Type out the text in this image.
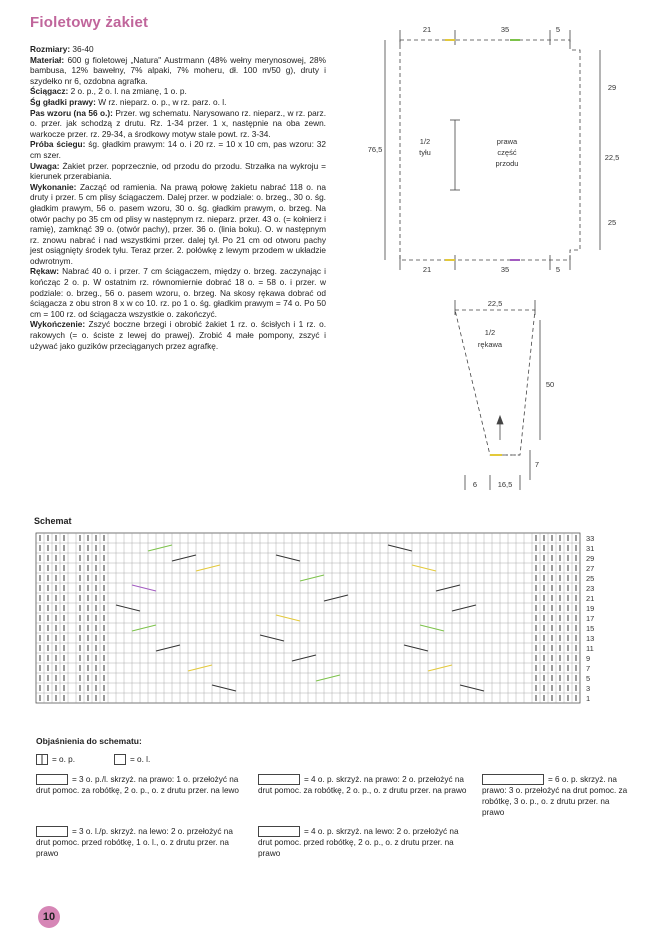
Fioletowy żakiet

Rozmiary: 36-40

Materiał: 600 g fioletowej „Natura" Austrmann (48% wełny merynosowej, 28% bambusa, 12% bawełny, 7% alpaki, 7% moheru, dł. 100 m/50 g), druty i szydełko nr 6, ozdobna agrafka.

Ściągacz: 2 o. p., 2 o. l. na zmianę, 1 o. p.

Śg gładki prawy: W rz. nieparz. o. p., w rz. parz. o. l.

Pas wzoru (na 56 o.): Przer. wg schematu. Narysowano rz. nieparz., w rz. parz. o. przer. jak schodzą z drutu. Rz. 1-34 przer. 1 x, następnie na oba zewn. warkocze przer. rz. 29-34, a środkowy motyw stale powt. rz. 3-34.

Próba ściegu: śg. gładkim prawym: 14 o. i 20 rz. = 10 x 10 cm, pas wzoru: 32 cm szer.

Uwaga: Żakiet przer. poprzecznie, od przodu do przodu. Strzałka na wykroju = kierunek przerabiania.

Wykonanie: Zacząć od ramienia. Na prawą połowę żakietu nabrać 118 o. na druty i przer. 5 cm plisy ściągaczem. Dalej przer. w podziale: o. brzeg., 30 o. śg. gładkim prawym, 56 o. pasem wzoru, 30 o. śg. gładkim prawym, o. brzeg. Na otwór pachy po 35 cm od plisy w następnym rz. nieparz. przer. 43 o. (= kołnierz i ramię), zamknąć 39 o. (otwór pachy), przer. 36 o. (linia boku). O. w następnym rz. znowu nabrać i nad wszystkimi przer. dalej tył. Po 21 cm od otworu pachy jest osiągnięty środek tyłu. Teraz przer. 2. połówkę z lewym przodem w układzie odwrotnym.

Rękaw: Nabrać 40 o. i przer. 7 cm ściągaczem, między o. brzeg. zaczynając i kończąc 2 o. p. W ostatnim rz. równomiernie dobrać 18 o. = 58 o. i przer. w podziale: o. brzeg., 56 o. pasem wzoru, o. brzeg. Na skosy rękawa dobrać od ściągacza z obu stron 8 x w co 10. rz. po 1 o. śg. gładkim prawym = 74 o. Po 50 cm = 100 rz. od ściągacza wszystkie o. zakończyć.

Wykończenie: Zszyć boczne brzegi i obrobić żakiet 1 rz. o. ścisłych i 1 rz. o. rakowych (= o. ściste z lewej do prawej). Zrobić 4 małe pompony, zszyć i używać jako guzików przeciąganych przez agrafkę.

21	35	5
76,5
29
22,5
25
21	35	5
1/2
tyłu
prawa
część
przodu
22,5
1/2
rękawa
50
7
6	16,5
Schemat
33
31
29
27
25
23
21
19
17
15
13
11
9
7
5
3
1
Objaśnienia do schematu:
= o. p.	= o. l.
= 3 o. p./l. skrzyż. na prawo: 1 o. przełożyć na drut pomoc. za robótkę, 2 o. p., o. z drutu przer. na lewo
= 4 o. p. skrzyż. na prawo: 2 o. przełożyć na drut pomoc. za robótkę, 2 o. p., o. z drutu przer. na prawo
= 6 o. p. skrzyż. na prawo: 3 o. przełożyć na drut pomoc. za robótkę, 3 o. p., o. z drutu przer. na prawo
= 3 o. l./p. skrzyż. na lewo: 2 o. przełożyć na drut pomoc. przed robótkę, 1 o. l., o. z drutu przer. na prawo
= 4 o. p. skrzyż. na lewo: 2 o. przełożyć na drut pomoc. przed robótkę, 2 o. p., o. z drutu przer. na prawo
10
